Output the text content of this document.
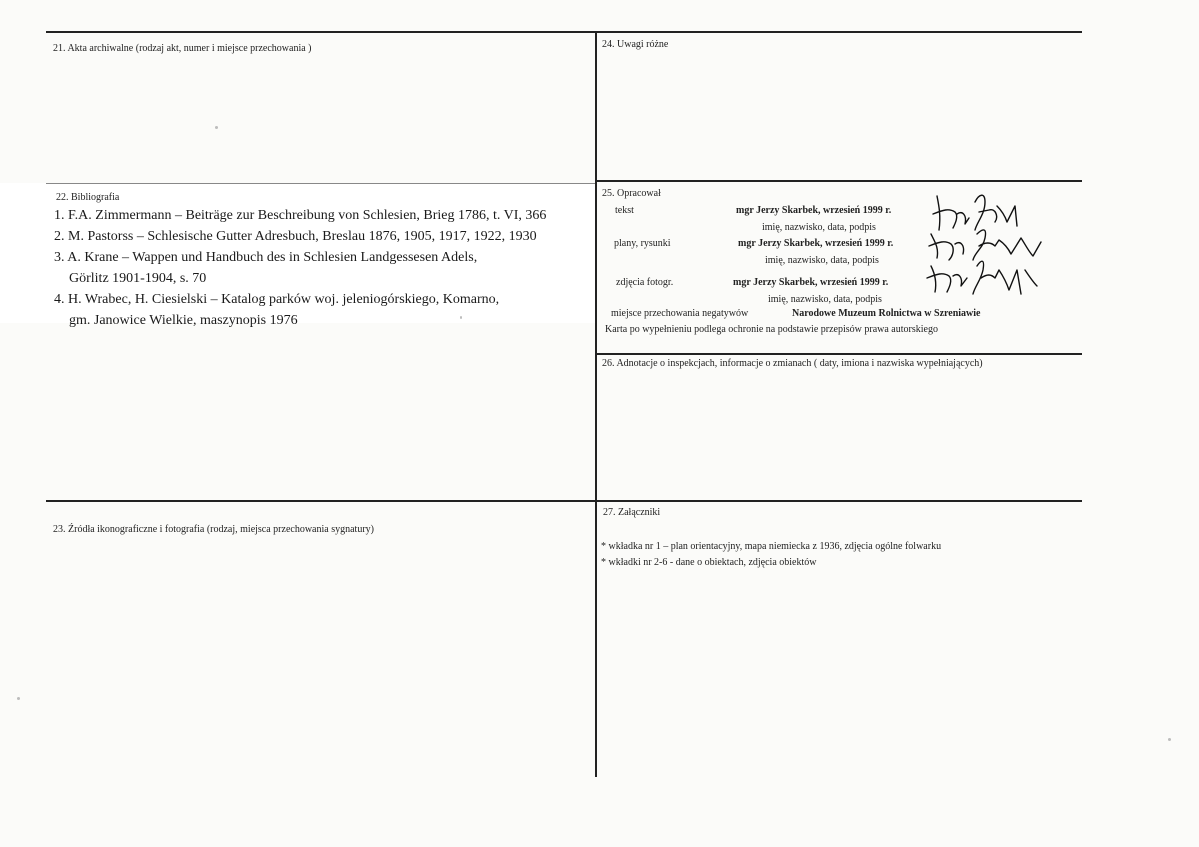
21. Akta archiwalne (rodzaj akt, numer i miejsce przechowania )	24. Uwagi różne
22. Bibliografia
1. F.A. Zimmermann – Beiträge zur Beschreibung von Schlesien, Brieg 1786, t. VI, 366
2. M. Pastorss – Schlesische Gutter Adresbuch, Breslau 1876, 1905, 1917, 1922, 1930
3. A. Krane – Wappen und Handbuch des in Schlesien Landgessesen Adels,
Görlitz 1901-1904, s. 70
4. H. Wrabec, H. Ciesielski – Katalog parków woj. jeleniogórskiego, Komarno,
gm. Janowice Wielkie, maszynopis 1976
25. Opracował
tekst	mgr Jerzy Skarbek, wrzesień 1999 r.
imię, nazwisko, data, podpis
plany, rysunki	mgr Jerzy Skarbek, wrzesień 1999 r.
imię, nazwisko, data, podpis
zdjęcia fotogr.	mgr Jerzy Skarbek, wrzesień 1999 r.
imię, nazwisko, data, podpis
miejsce przechowania negatywów	Narodowe Muzeum Rolnictwa w Szreniawie
Karta po wypełnieniu podlega ochronie na podstawie przepisów prawa autorskiego
26. Adnotacje o inspekcjach, informacje o zmianach ( daty, imiona i nazwiska wypełniających)
23. Źródła ikonograficzne i fotografia (rodzaj, miejsca przechowania sygnatury)
27. Załączniki
* wkładka nr 1 – plan orientacyjny, mapa niemiecka z 1936, zdjęcia ogólne folwarku
* wkładki nr 2-6 - dane o obiektach, zdjęcia obiektów
